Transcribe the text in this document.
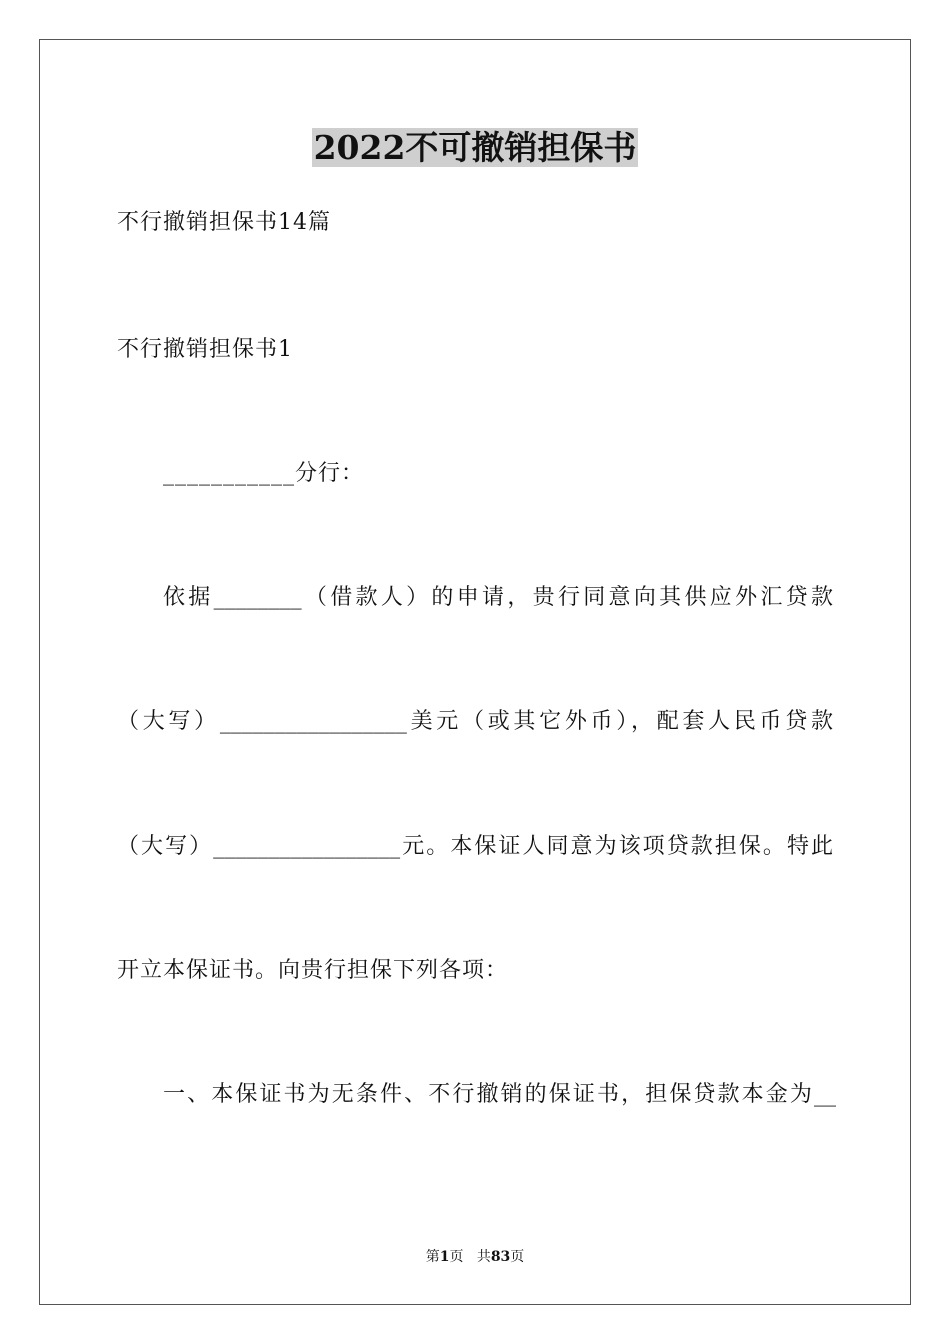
2022不可撤销担保书
不行撤销担保书14篇
不行撤销担保书1
___________分行：
依据________（借款人）的申请，贵行同意向其供应外汇贷款
（大写）_________________美元（或其它外币），配套人民币贷款
（大写）_________________元。本保证人同意为该项贷款担保。特此
开立本保证书。向贵行担保下列各项：
一、本保证书为无条件、不行撤销的保证书，担保贷款本金为__
第1页 共83页
